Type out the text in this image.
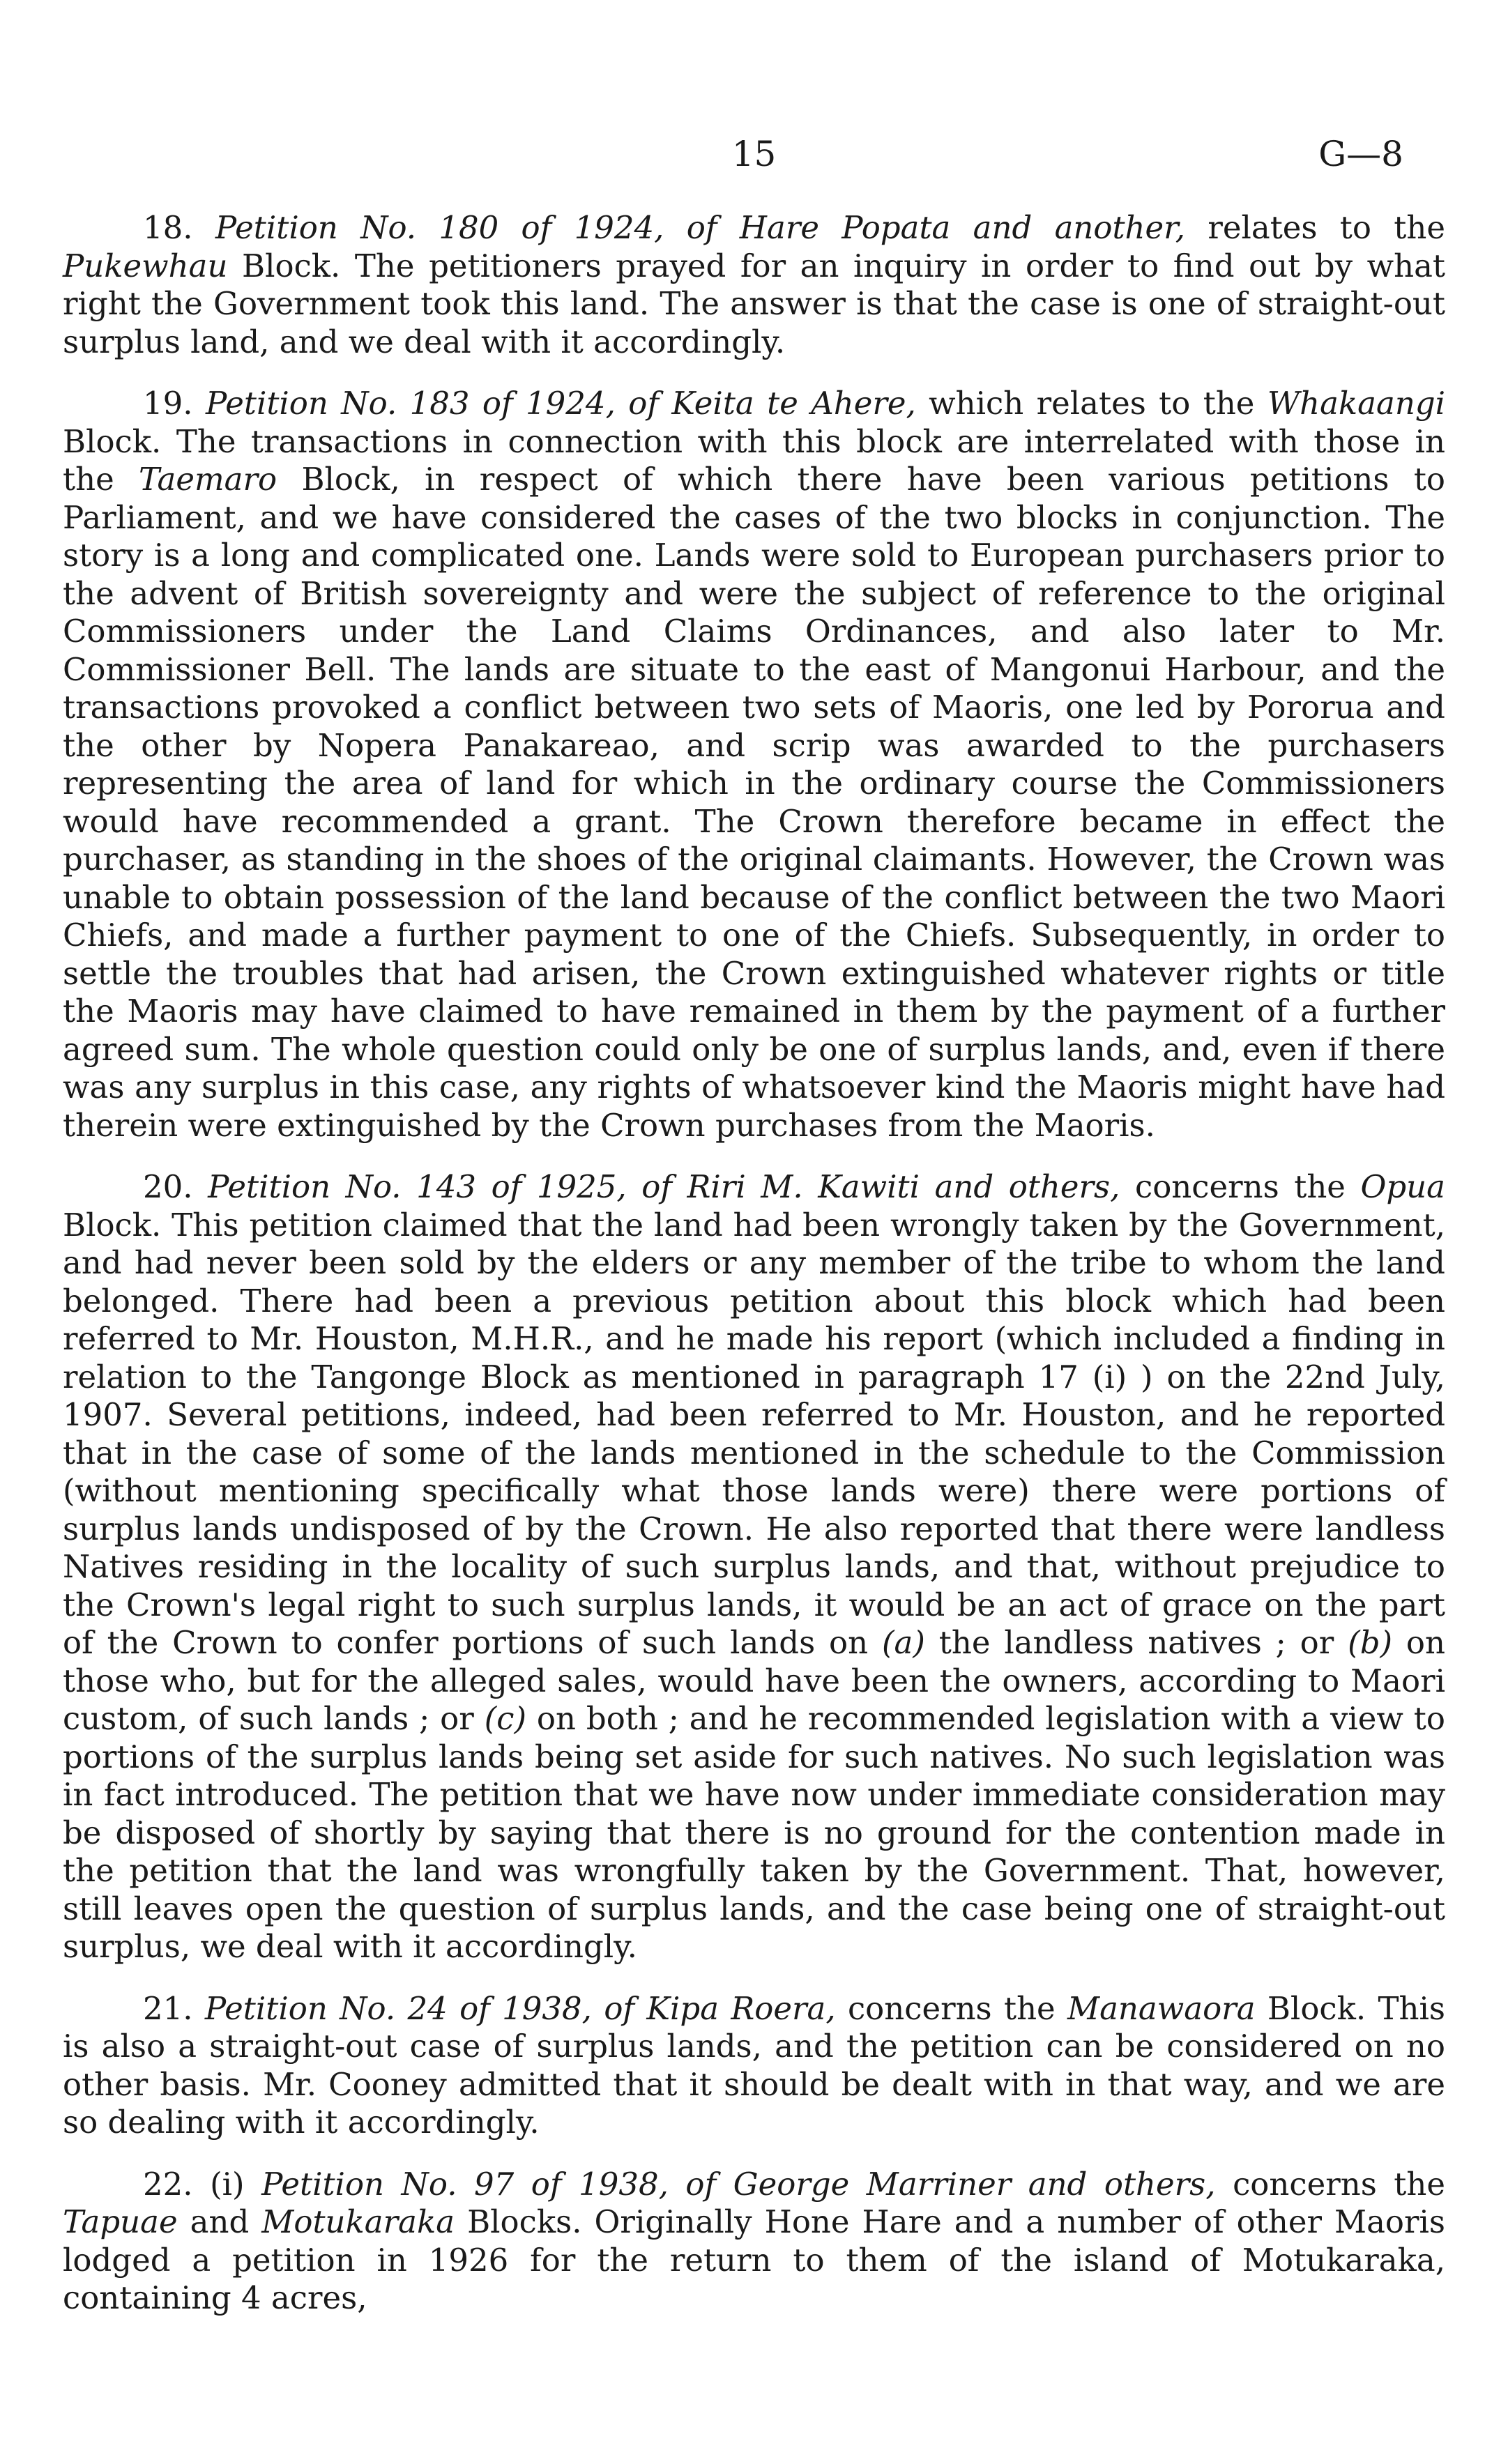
15	G—8

18. Petition No. 180 of 1924, of Hare Popata and another, relates to the Pukewhau Block. The petitioners prayed for an inquiry in order to find out by what right the Government took this land. The answer is that the case is one of straight-out surplus land, and we deal with it accordingly.

19. Petition No. 183 of 1924, of Keita te Ahere, which relates to the Whakaangi Block. The transactions in connection with this block are interrelated with those in the Taemaro Block, in respect of which there have been various petitions to Parliament, and we have considered the cases of the two blocks in conjunction. The story is a long and complicated one. Lands were sold to European purchasers prior to the advent of British sovereignty and were the subject of reference to the original Commissioners under the Land Claims Ordinances, and also later to Mr. Commissioner Bell. The lands are situate to the east of Mangonui Harbour, and the transactions provoked a conflict between two sets of Maoris, one led by Pororua and the other by Nopera Panakareao, and scrip was awarded to the purchasers representing the area of land for which in the ordinary course the Commissioners would have recommended a grant. The Crown therefore became in effect the purchaser, as standing in the shoes of the original claimants. However, the Crown was unable to obtain possession of the land because of the conflict between the two Maori Chiefs, and made a further payment to one of the Chiefs. Subsequently, in order to settle the troubles that had arisen, the Crown extinguished whatever rights or title the Maoris may have claimed to have remained in them by the payment of a further agreed sum. The whole question could only be one of surplus lands, and, even if there was any surplus in this case, any rights of whatsoever kind the Maoris might have had therein were extinguished by the Crown purchases from the Maoris.

20. Petition No. 143 of 1925, of Riri M. Kawiti and others, concerns the Opua Block. This petition claimed that the land had been wrongly taken by the Government, and had never been sold by the elders or any member of the tribe to whom the land belonged. There had been a previous petition about this block which had been referred to Mr. Houston, M.H.R., and he made his report (which included a finding in relation to the Tangonge Block as mentioned in paragraph 17 (i) ) on the 22nd July, 1907. Several petitions, indeed, had been referred to Mr. Houston, and he reported that in the case of some of the lands mentioned in the schedule to the Commission (without mentioning specifically what those lands were) there were portions of surplus lands undisposed of by the Crown. He also reported that there were landless Natives residing in the locality of such surplus lands, and that, without prejudice to the Crown's legal right to such surplus lands, it would be an act of grace on the part of the Crown to confer portions of such lands on (a) the landless natives ; or (b) on those who, but for the alleged sales, would have been the owners, according to Maori custom, of such lands ; or (c) on both ; and he recommended legislation with a view to portions of the surplus lands being set aside for such natives. No such legislation was in fact introduced. The petition that we have now under immediate consideration may be disposed of shortly by saying that there is no ground for the contention made in the petition that the land was wrongfully taken by the Government. That, however, still leaves open the question of surplus lands, and the case being one of straight-out surplus, we deal with it accordingly.

21. Petition No. 24 of 1938, of Kipa Roera, concerns the Manawaora Block. This is also a straight-out case of surplus lands, and the petition can be considered on no other basis. Mr. Cooney admitted that it should be dealt with in that way, and we are so dealing with it accordingly.

22. (i) Petition No. 97 of 1938, of George Marriner and others, concerns the Tapuae and Motukaraka Blocks. Originally Hone Hare and a number of other Maoris lodged a petition in 1926 for the return to them of the island of Motukaraka, containing 4 acres,
